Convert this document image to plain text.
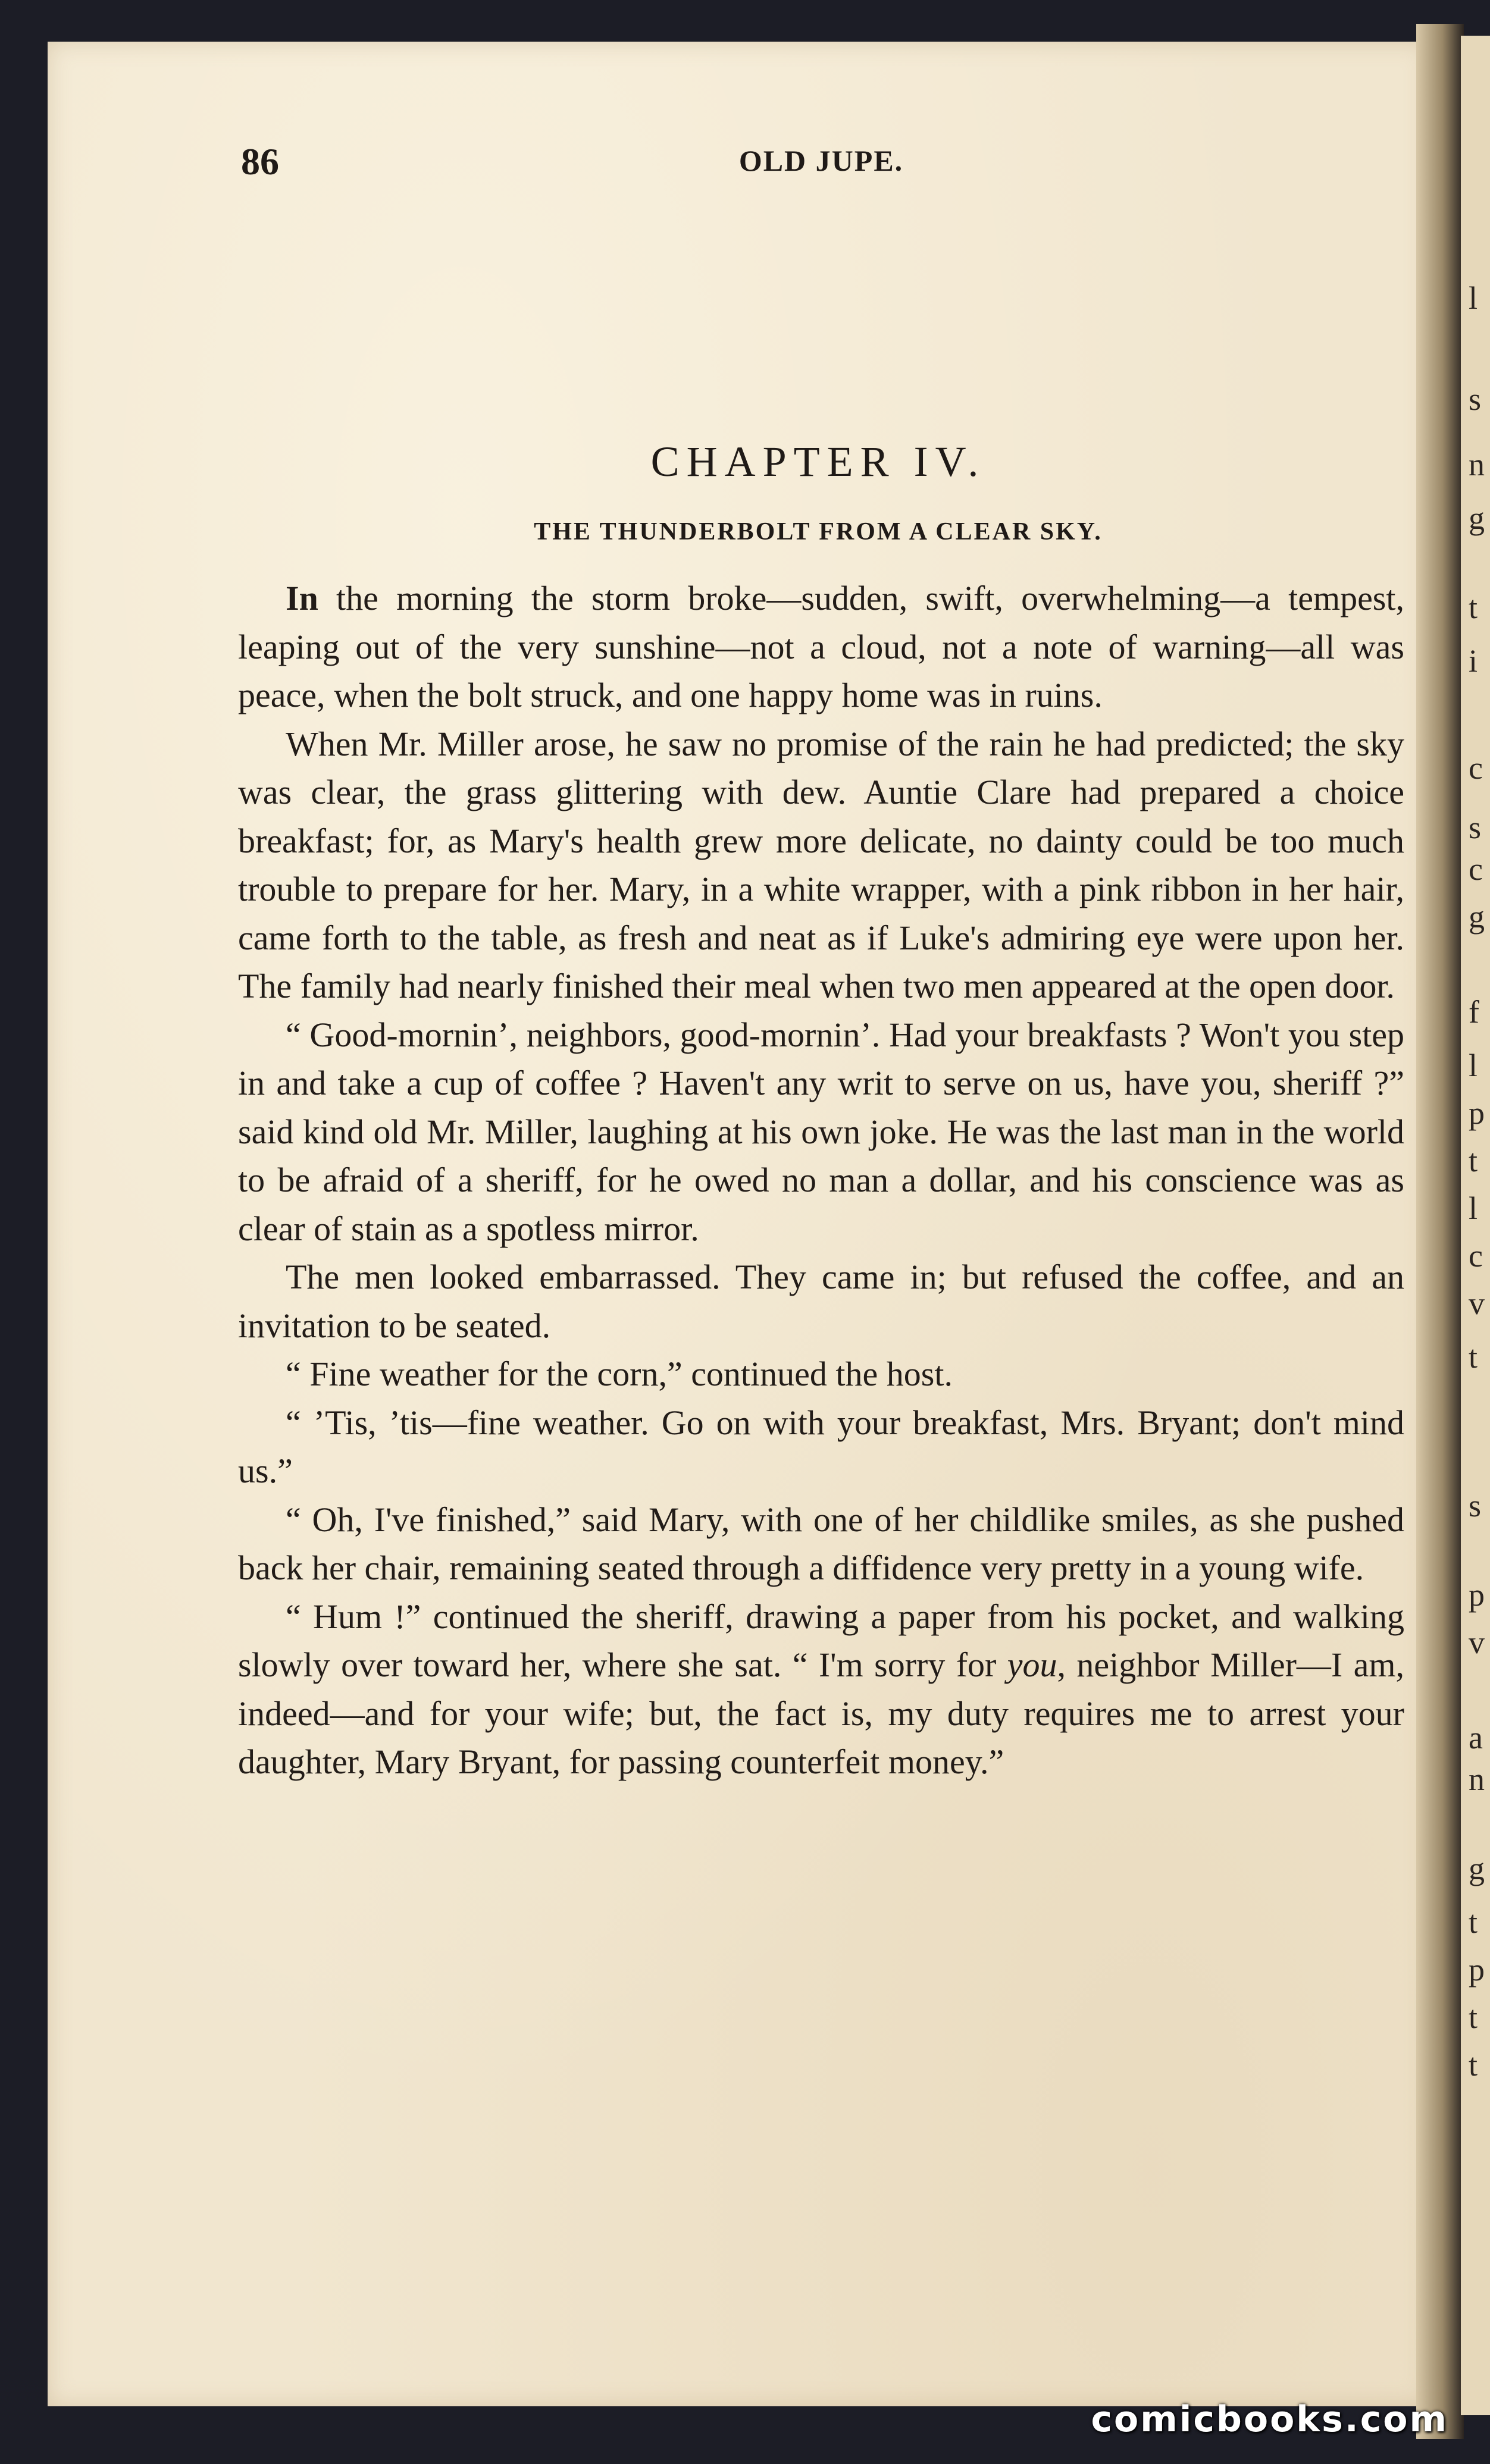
l
s
n
g
t
i
c
s
c
g
f
l
p
t
l
c
v
t
s
p
v
a
n
g
t
p
t
t
86	OLD JUPE.
CHAPTER IV.
THE THUNDERBOLT FROM A CLEAR SKY.

In the morning the storm broke—sudden, swift, overwhelming—a tempest, leaping out of the very sunshine—not a cloud, not a note of warning—all was peace, when the bolt struck, and one happy home was in ruins.

When Mr. Miller arose, he saw no promise of the rain he had predicted; the sky was clear, the grass glittering with dew. Auntie Clare had prepared a choice breakfast; for, as Mary's health grew more delicate, no dainty could be too much trouble to prepare for her. Mary, in a white wrapper, with a pink ribbon in her hair, came forth to the table, as fresh and neat as if Luke's admiring eye were upon her. The family had nearly finished their meal when two men appeared at the open door.

“ Good-mornin’, neighbors, good-mornin’. Had your breakfasts ? Won't you step in and take a cup of coffee ? Haven't any writ to serve on us, have you, sheriff ?” said kind old Mr. Miller, laughing at his own joke. He was the last man in the world to be afraid of a sheriff, for he owed no man a dollar, and his conscience was as clear of stain as a spotless mirror.

The men looked embarrassed. They came in; but refused the coffee, and an invitation to be seated.

“ Fine weather for the corn,” continued the host.

“ ’Tis, ’tis—fine weather. Go on with your breakfast, Mrs. Bryant; don't mind us.”

“ Oh, I've finished,” said Mary, with one of her childlike smiles, as she pushed back her chair, remaining seated through a diffidence very pretty in a young wife.

“ Hum !” continued the sheriff, drawing a paper from his pocket, and walking slowly over toward her, where she sat. “ I'm sorry for you, neighbor Miller—I am, indeed—and for your wife; but, the fact is, my duty requires me to arrest your daughter, Mary Bryant, for passing counterfeit money.”

comicbooks.com
